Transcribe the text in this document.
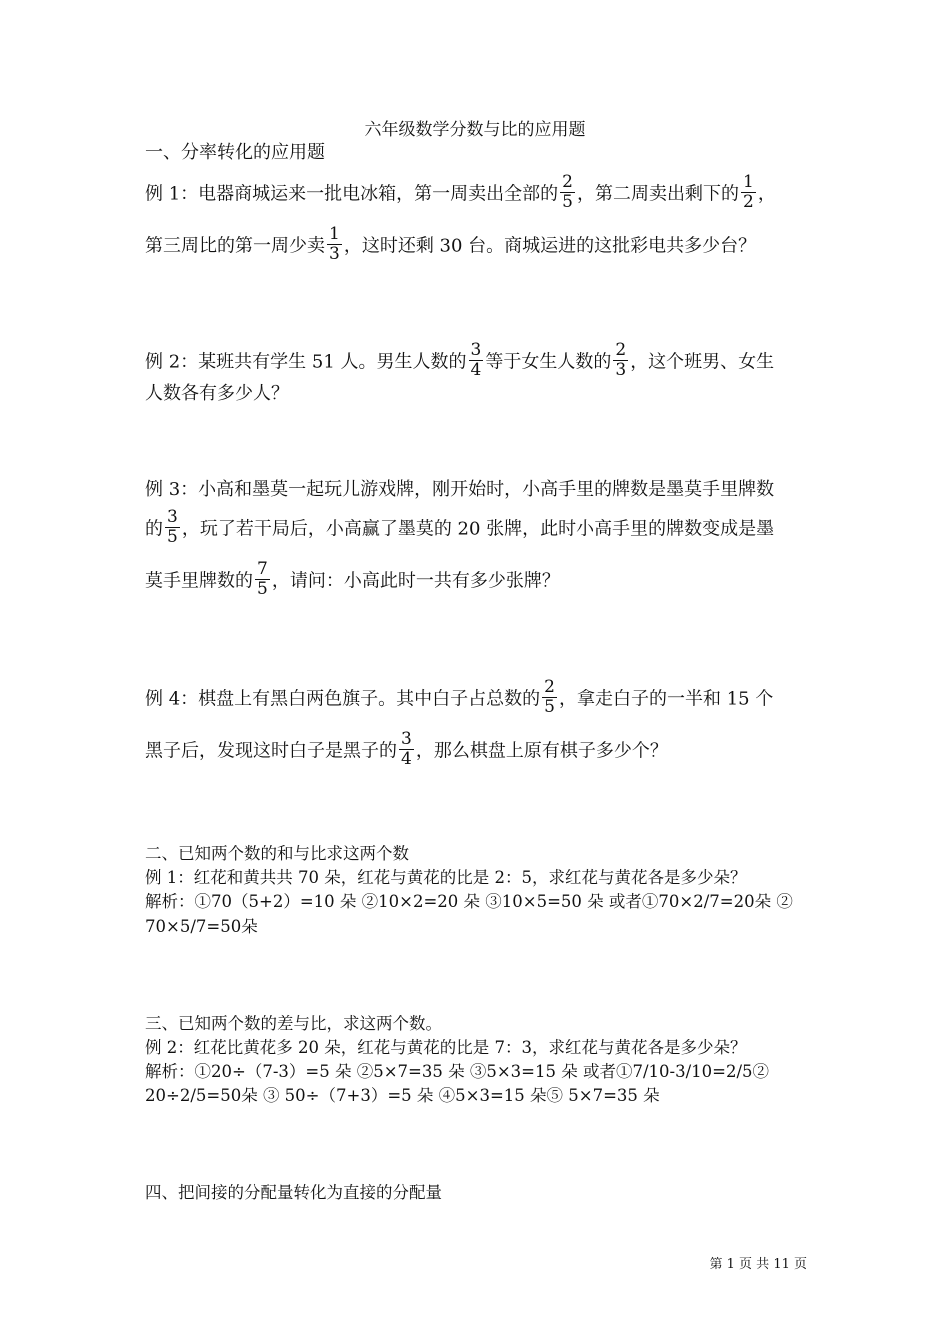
六年级数学分数与比的应用题
一、分率转化的应用题
例 1：电器商城运来一批电冰箱，第一周卖出全部的 $\frac{2}{5}$ ，第二周卖出剩下的 $\frac{1}{2}$ ，
第三周比的第一周少卖 $\frac{1}{3}$ ，这时还剩 30 台。商城运进的这批彩电共多少台？
例 2：某班共有学生 51 人。男生人数的 $\frac{3}{4}$ 等于女生人数的 $\frac{2}{3}$ ，这个班男、女生
人数各有多少人？
例 3：小高和墨莫一起玩儿游戏牌，刚开始时，小高手里的牌数是墨莫手里牌数
的 $\frac{3}{5}$ ，玩了若干局后，小高赢了墨莫的 20 张牌，此时小高手里的牌数变成是墨
莫手里牌数的 $\frac{7}{5}$ ，请问：小高此时一共有多少张牌？
例 4：棋盘上有黑白两色旗子。其中白子占总数的 $\frac{2}{5}$ ，拿走白子的一半和 15 个
黑子后，发现这时白子是黑子的 $\frac{3}{4}$ ，那么棋盘上原有棋子多少个？
二、已知两个数的和与比求这两个数
例 1：红花和黄共共 70 朵，红花与黄花的比是 2：5，求红花与黄花各是多少朵？
解析：①70（5+2）=10 朵 ②10×2=20 朵 ③10×5=50 朵 或者①70×2/7=20朵 ②
70×5/7=50朵
三、已知两个数的差与比，求这两个数。
例 2：红花比黄花多 20 朵，红花与黄花的比是 7：3，求红花与黄花各是多少朵？
解析：①20÷（7-3）=5 朵 ②5×7=35 朵 ③5×3=15 朵 或者①7/10-3/10=2/5②
20÷2/5=50朵 ③ 50÷（7+3）=5 朵 ④5×3=15 朵⑤ 5×7=35 朵
四、把间接的分配量转化为直接的分配量
第 1 页 共 11 页
